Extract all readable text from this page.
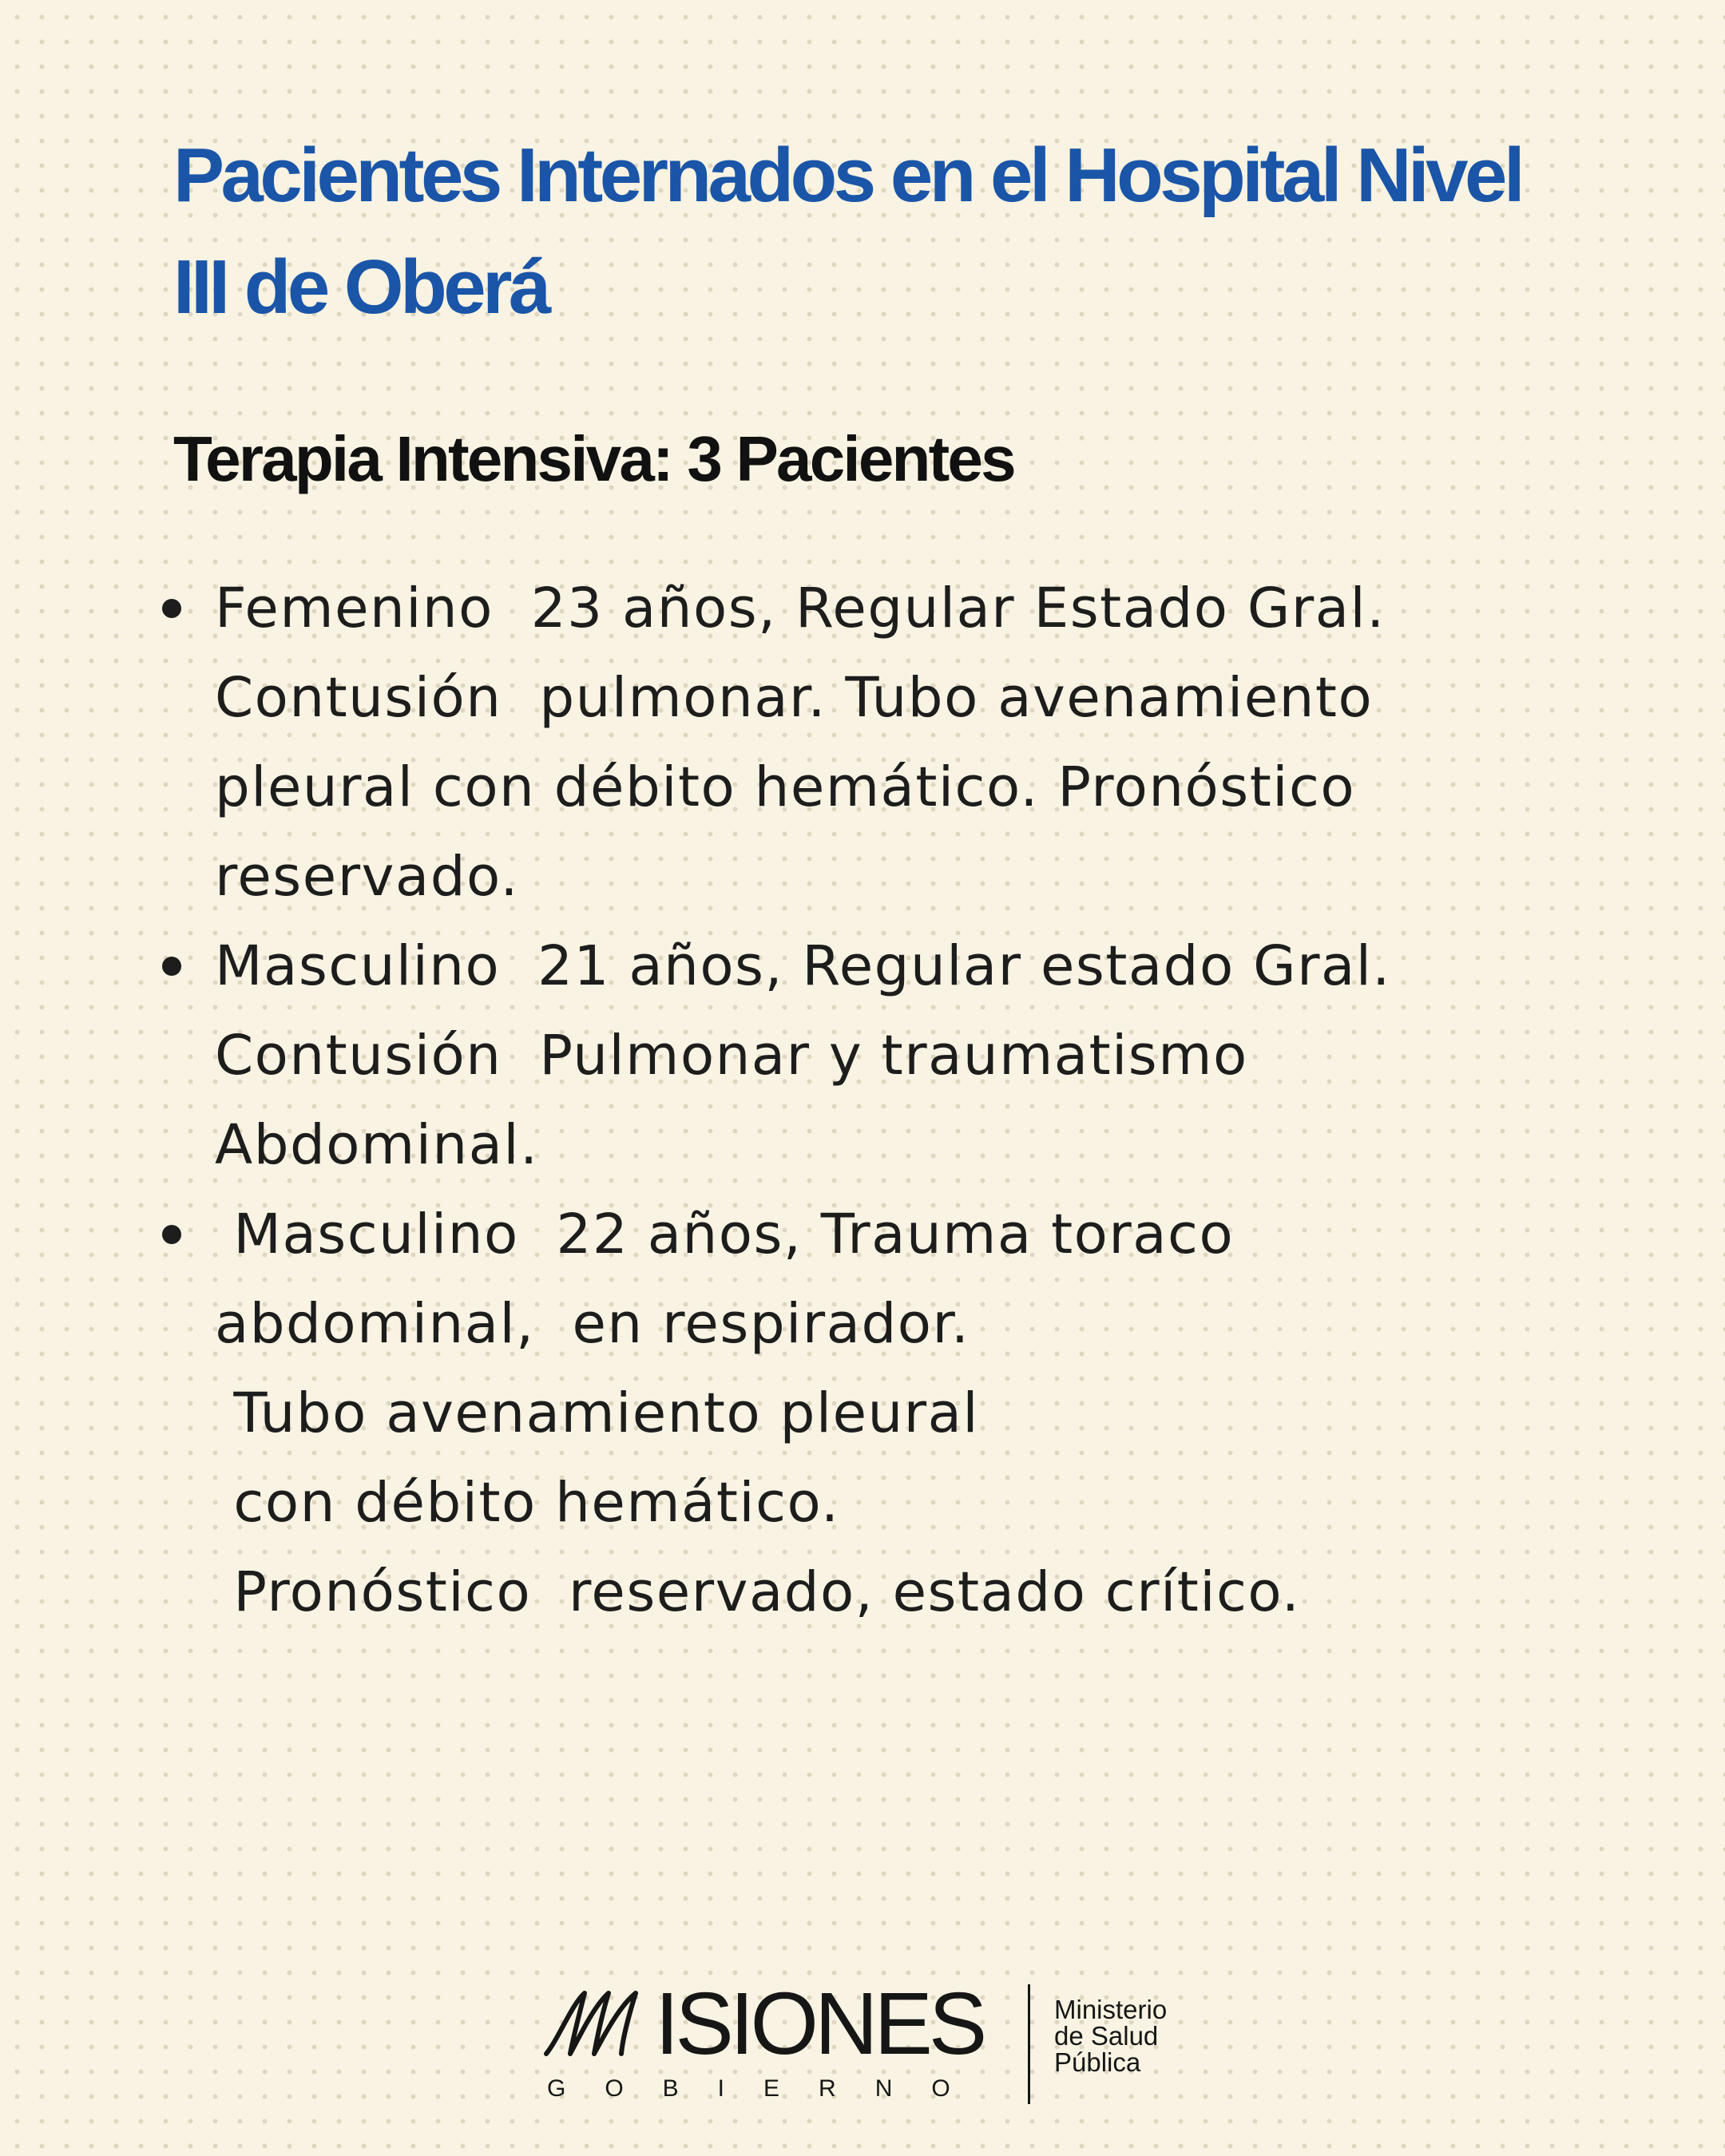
Pacientes Internados en el Hospital Nivel III de Oberá
Terapia Intensiva: 3 Pacientes
Femenino  23 años, Regular Estado Gral.
Contusión  pulmonar. Tubo avenamiento
pleural con débito hemático. Pronóstico
reservado.
Masculino  21 años, Regular estado Gral.
Contusión  Pulmonar y traumatismo
Abdominal.
Masculino  22 años, Trauma toraco
abdominal,  en respirador.
Tubo avenamiento pleural
con débito hemático.
Pronóstico  reservado, estado crítico.
ISIONES
GOBIERNO
Ministerio
de Salud
Pública
